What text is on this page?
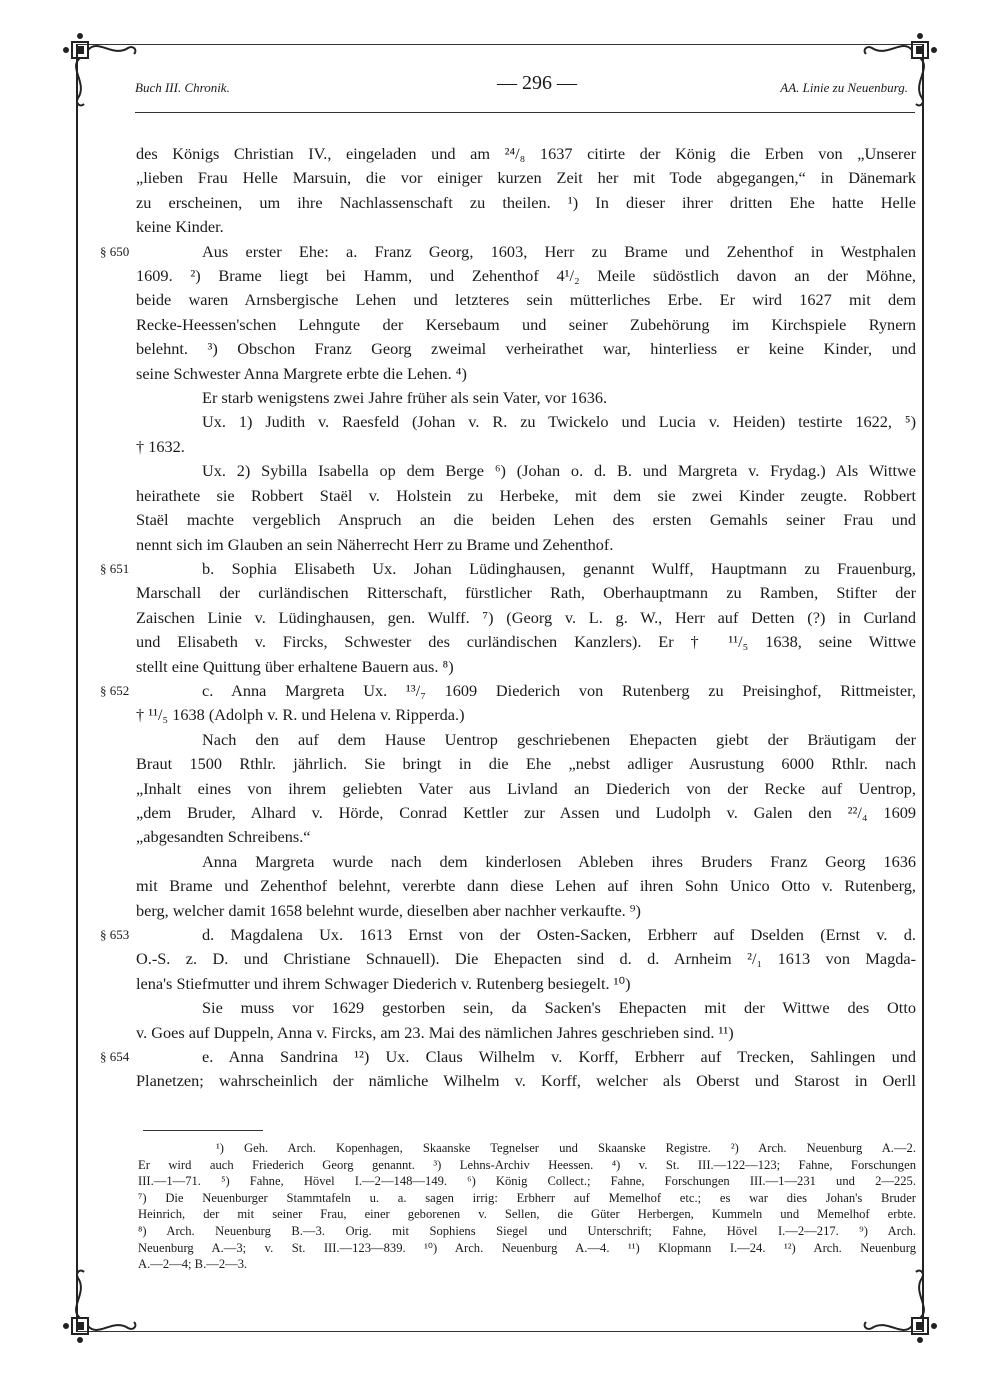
Buch III. Chronik.	— 296 —	AA. Linie zu Neuenburg.

des Königs Christian IV., eingeladen und am ²⁴/₈ 1637 citirte der König die Erben von „Unserer
„lieben Frau Helle Marsuin, die vor einiger kurzen Zeit her mit Tode abgegangen,“ in Dänemark
zu erscheinen, um ihre Nachlassenschaft zu theilen. ¹) In dieser ihrer dritten Ehe hatte Helle
keine Kinder.

§ 650	Aus erster Ehe: a. Franz Georg, 1603, Herr zu Brame und Zehenthof in Westphalen
1609. ²) Brame liegt bei Hamm, und Zehenthof 4¹/₂ Meile südöstlich davon an der Möhne,
beide waren Arnsbergische Lehen und letzteres sein mütterliches Erbe. Er wird 1627 mit dem
Recke-Heessen'schen Lehngute der Kersebaum und seiner Zubehörung im Kirchspiele Rynern
belehnt. ³) Obschon Franz Georg zweimal verheirathet war, hinterliess er keine Kinder, und
seine Schwester Anna Margrete erbte die Lehen. ⁴)

Er starb wenigstens zwei Jahre früher als sein Vater, vor 1636.

Ux. 1) Judith v. Raesfeld (Johan v. R. zu Twickelo und Lucia v. Heiden) testirte 1622, ⁵)
† 1632.

Ux. 2) Sybilla Isabella op dem Berge ⁶) (Johan o. d. B. und Margreta v. Frydag.) Als Wittwe
heirathete sie Robbert Staël v. Holstein zu Herbeke, mit dem sie zwei Kinder zeugte. Robbert
Staël machte vergeblich Anspruch an die beiden Lehen des ersten Gemahls seiner Frau und
nennt sich im Glauben an sein Näherrecht Herr zu Brame und Zehenthof.

§ 651	b. Sophia Elisabeth Ux. Johan Lüdinghausen, genannt Wulff, Hauptmann zu Frauenburg,
Marschall der curländischen Ritterschaft, fürstlicher Rath, Oberhauptmann zu Ramben, Stifter der
Zaischen Linie v. Lüdinghausen, gen. Wulff. ⁷) (Georg v. L. g. W., Herr auf Detten (?) in Curland
und Elisabeth v. Fircks, Schwester des curländischen Kanzlers). Er † ¹¹/₅ 1638, seine Wittwe
stellt eine Quittung über erhaltene Bauern aus. ⁸)

§ 652	c. Anna Margreta Ux. ¹³/₇ 1609 Diederich von Rutenberg zu Preisinghof, Rittmeister,
† ¹¹/₅ 1638 (Adolph v. R. und Helena v. Ripperda.)

Nach den auf dem Hause Uentrop geschriebenen Ehepacten giebt der Bräutigam der
Braut 1500 Rthlr. jährlich. Sie bringt in die Ehe „nebst adliger Ausrustung 6000 Rthlr. nach
„Inhalt eines von ihrem geliebten Vater aus Livland an Diederich von der Recke auf Uentrop,
„dem Bruder, Alhard v. Hörde, Conrad Kettler zur Assen und Ludolph v. Galen den ²²/₄ 1609
„abgesandten Schreibens.“

Anna Margreta wurde nach dem kinderlosen Ableben ihres Bruders Franz Georg 1636
mit Brame und Zehenthof belehnt, vererbte dann diese Lehen auf ihren Sohn Unico Otto v. Rutenberg,
berg, welcher damit 1658 belehnt wurde, dieselben aber nachher verkaufte. ⁹)

§ 653	d. Magdalena Ux. 1613 Ernst von der Osten-Sacken, Erbherr auf Dselden (Ernst v. d.
O.-S. z. D. und Christiane Schnauell). Die Ehepacten sind d. d. Arnheim ²/₁ 1613 von Magda-
lena's Stiefmutter und ihrem Schwager Diederich v. Rutenberg besiegelt. ¹⁰)

Sie muss vor 1629 gestorben sein, da Sacken's Ehepacten mit der Wittwe des Otto
v. Goes auf Duppeln, Anna v. Fircks, am 23. Mai des nämlichen Jahres geschrieben sind. ¹¹)

§ 654	e. Anna Sandrina ¹²) Ux. Claus Wilhelm v. Korff, Erbherr auf Trecken, Sahlingen und
Planetzen; wahrscheinlich der nämliche Wilhelm v. Korff, welcher als Oberst und Starost in Oerll

¹) Geh. Arch. Kopenhagen, Skaanske Tegnelser und Skaanske Registre. ²) Arch. Neuenburg A.—2.
Er wird auch Friederich Georg genannt. ³) Lehns-Archiv Heessen. ⁴) v. St. III.—122—123; Fahne, Forschungen
III.—1—71. ⁵) Fahne, Hövel I.—2—148—149. ⁶) König Collect.; Fahne, Forschungen III.—1—231 und 2—225.
⁷) Die Neuenburger Stammtafeln u. a. sagen irrig: Erbherr auf Memelhof etc.; es war dies Johan's Bruder
Heinrich, der mit seiner Frau, einer geborenen v. Sellen, die Güter Herbergen, Kummeln und Memelhof erbte.
⁸) Arch. Neuenburg B.—3. Orig. mit Sophiens Siegel und Unterschrift; Fahne, Hövel I.—2—217. ⁹) Arch.
Neuenburg A.—3; v. St. III.—123—839. ¹⁰) Arch. Neuenburg A.—4. ¹¹) Klopmann I.—24. ¹²) Arch. Neuenburg
A.—2—4; B.—2—3.
